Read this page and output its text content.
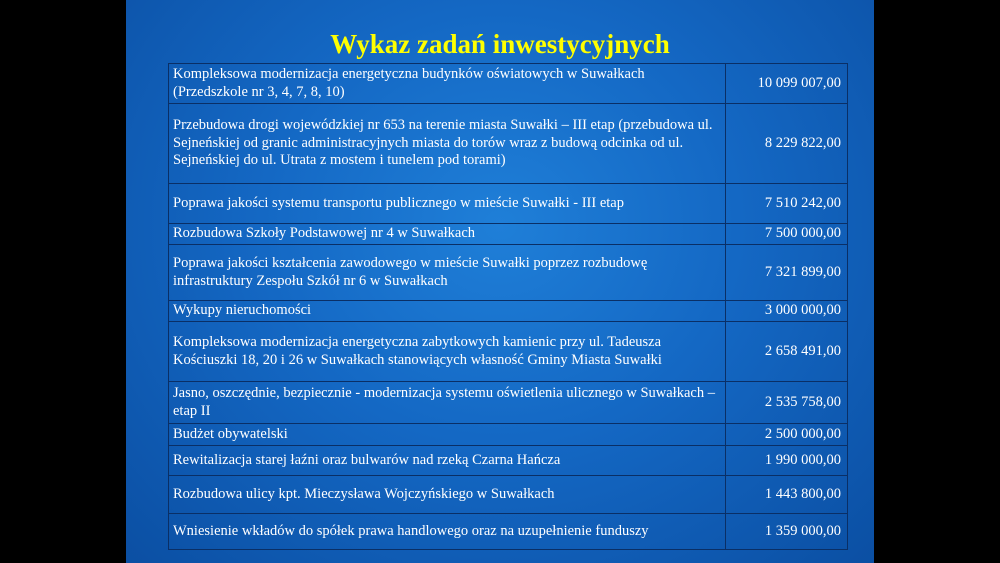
Wykaz zadań inwestycyjnych
Kompleksowa modernizacja energetyczna budynków oświatowych w Suwałkach (Przedszkole nr 3, 4, 7, 8, 10)	10 099 007,00
Przebudowa drogi wojewódzkiej nr 653 na terenie miasta Suwałki – III etap (przebudowa ul. Sejneńskiej od granic administracyjnych miasta do torów wraz z budową odcinka od ul. Sejneńskiej do ul. Utrata z mostem i tunelem pod torami)	8 229 822,00
Poprawa jakości systemu transportu publicznego w mieście Suwałki - III etap	7 510 242,00
Rozbudowa Szkoły Podstawowej nr 4 w Suwałkach	7 500 000,00
Poprawa jakości kształcenia zawodowego w mieście Suwałki poprzez rozbudowę infrastruktury Zespołu Szkół nr 6 w Suwałkach	7 321 899,00
Wykupy nieruchomości	3 000 000,00
Kompleksowa modernizacja energetyczna zabytkowych kamienic przy ul. Tadeusza Kościuszki 18, 20 i 26 w Suwałkach stanowiących własność Gminy Miasta Suwałki	2 658 491,00
Jasno, oszczędnie, bezpiecznie - modernizacja systemu oświetlenia ulicznego w Suwałkach – etap II	2 535 758,00
Budżet obywatelski	2 500 000,00
Rewitalizacja starej łaźni oraz bulwarów nad rzeką Czarna Hańcza	1 990 000,00
Rozbudowa ulicy kpt. Mieczysława Wojczyńskiego w Suwałkach	1 443 800,00
Wniesienie wkładów do spółek prawa handlowego oraz na uzupełnienie funduszy	1 359 000,00
